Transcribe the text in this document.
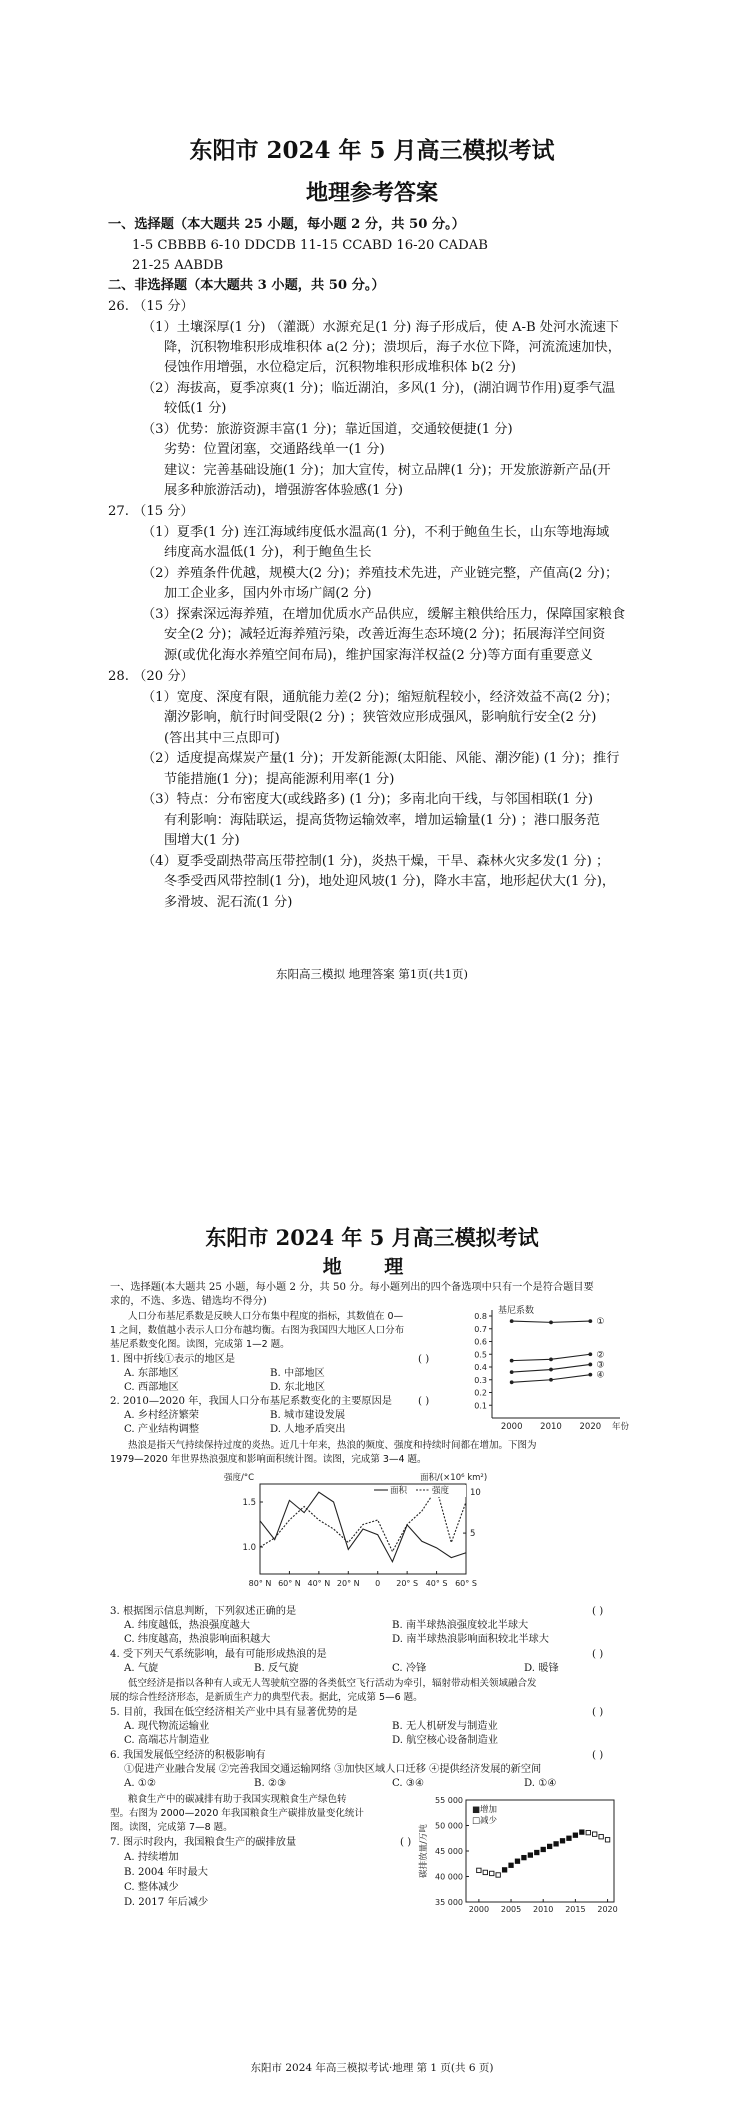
东阳市 2024 年 5 月高三模拟考试
地理参考答案
一、选择题（本大题共 25 小题，每小题 2 分，共 50 分。）
1-5 CBBBB 6-10 DDCDB 11-15 CCABD 16-20 CADAB
21-25 AABDB
二、非选择题（本大题共 3 小题，共 50 分。）
26. （15 分）
（1）土壤深厚(1 分) （灌溉）水源充足(1 分) 海子形成后，使 A-B 处河水流速下
降，沉积物堆积形成堆积体 a(2 分)；溃坝后，海子水位下降，河流流速加快，
侵蚀作用增强，水位稳定后，沉积物堆积形成堆积体 b(2 分)
（2）海拔高，夏季凉爽(1 分)；临近湖泊，多风(1 分)，(湖泊调节作用)夏季气温
较低(1 分)
（3）优势：旅游资源丰富(1 分)；靠近国道，交通较便捷(1 分)
劣势：位置闭塞，交通路线单一(1 分)
建议：完善基础设施(1 分)；加大宣传，树立品牌(1 分)；开发旅游新产品(开
展多种旅游活动)，增强游客体验感(1 分)
27. （15 分）
（1）夏季(1 分) 连江海域纬度低水温高(1 分)，不利于鲍鱼生长，山东等地海域
纬度高水温低(1 分)，利于鲍鱼生长
（2）养殖条件优越，规模大(2 分)；养殖技术先进，产业链完整，产值高(2 分)；
加工企业多，国内外市场广阔(2 分)
（3）探索深远海养殖，在增加优质水产品供应，缓解主粮供给压力，保障国家粮食
安全(2 分)；减轻近海养殖污染，改善近海生态环境(2 分)；拓展海洋空间资
源(或优化海水养殖空间布局)，维护国家海洋权益(2 分)等方面有重要意义
28. （20 分）
（1）宽度、深度有限，通航能力差(2 分)；缩短航程较小，经济效益不高(2 分)；
潮汐影响，航行时间受限(2 分) ；狭管效应形成强风，影响航行安全(2 分)
(答出其中三点即可)
（2）适度提高煤炭产量(1 分)；开发新能源(太阳能、风能、潮汐能) (1 分)；推行
节能措施(1 分)；提高能源利用率(1 分)
（3）特点：分布密度大(或线路多) (1 分)；多南北向干线，与邻国相联(1 分)
有利影响：海陆联运，提高货物运输效率，增加运输量(1 分) ；港口服务范
围增大(1 分)
（4）夏季受副热带高压带控制(1 分)，炎热干燥，干旱、森林火灾多发(1 分) ；
冬季受西风带控制(1 分)，地处迎风坡(1 分)，降水丰富，地形起伏大(1 分)，
多滑坡、泥石流(1 分)
东阳高三模拟 地理答案 第1页(共1页)
东阳市 2024 年 5 月高三模拟考试
地 理
一、选择题(本大题共 25 小题，每小题 2 分，共 50 分。每小题列出的四个备选项中只有一个是符合题目要
求的，不选、多选、错选均不得分)
人口分布基尼系数是反映人口分布集中程度的指标，其数值在 0—
1 之间，数值越小表示人口分布越均衡。右图为我国四大地区人口分布
基尼系数变化图。读图，完成第 1—2 题。
1. 图中折线①表示的地区是	( )
A. 东部地区	B. 中部地区
C. 西部地区	D. 东北地区
2. 2010—2020 年，我国人口分布基尼系数变化的主要原因是	( )
A. 乡村经济繁荣	B. 城市建设发展
C. 产业结构调整	D. 人地矛盾突出
基尼系数
0.1
0.2
0.3
0.4
0.5
0.6
0.7
0.8
2000 2010 2020 年份
①
②
③
④
热浪是指天气持续保持过度的炎热。近几十年来，热浪的频度、强度和持续时间都在增加。下图为
1979—2020 年世界热浪强度和影响面积统计图。读图，完成第 3—4 题。
强度/°C	面积/(×10⁶ km²)
1.0
1.5
5
10
80° N 60° N 40° N 20° N 0 20° S 40° S 60° S
面积	强度
3. 根据图示信息判断，下列叙述正确的是	( )
A. 纬度越低，热浪强度越大	B. 南半球热浪强度较北半球大
C. 纬度越高，热浪影响面积越大	D. 南半球热浪影响面积较北半球大
4. 受下列天气系统影响，最有可能形成热浪的是	( )
A. 气旋	B. 反气旋	C. 冷锋	D. 暖锋
低空经济是指以各种有人或无人驾驶航空器的各类低空飞行活动为牵引，辐射带动相关领域融合发
展的综合性经济形态，是新质生产力的典型代表。据此，完成第 5—6 题。
5. 目前，我国在低空经济相关产业中具有显著优势的是	( )
A. 现代物流运输业	B. 无人机研发与制造业
C. 高端芯片制造业	D. 航空核心设备制造业
6. 我国发展低空经济的积极影响有	( )
①促进产业融合发展 ②完善我国交通运输网络 ③加快区域人口迁移 ④提供经济发展的新空间
A. ①②	B. ②③	C. ③④	D. ①④
粮食生产中的碳减排有助于我国实现粮食生产绿色转
型。右图为 2000—2020 年我国粮食生产碳排放量变化统计
图。读图，完成第 7—8 题。
7. 图示时段内，我国粮食生产的碳排放量	( )
A. 持续增加
B. 2004 年时最大
C. 整体减少
D. 2017 年后减少	35 000
40 000
45 000
50 000
55 000
2000 2005 2010 2015 2020
碳排放量/万吨
■增加
□减少
东阳市 2024 年高三模拟考试·地理 第 1 页(共 6 页)
